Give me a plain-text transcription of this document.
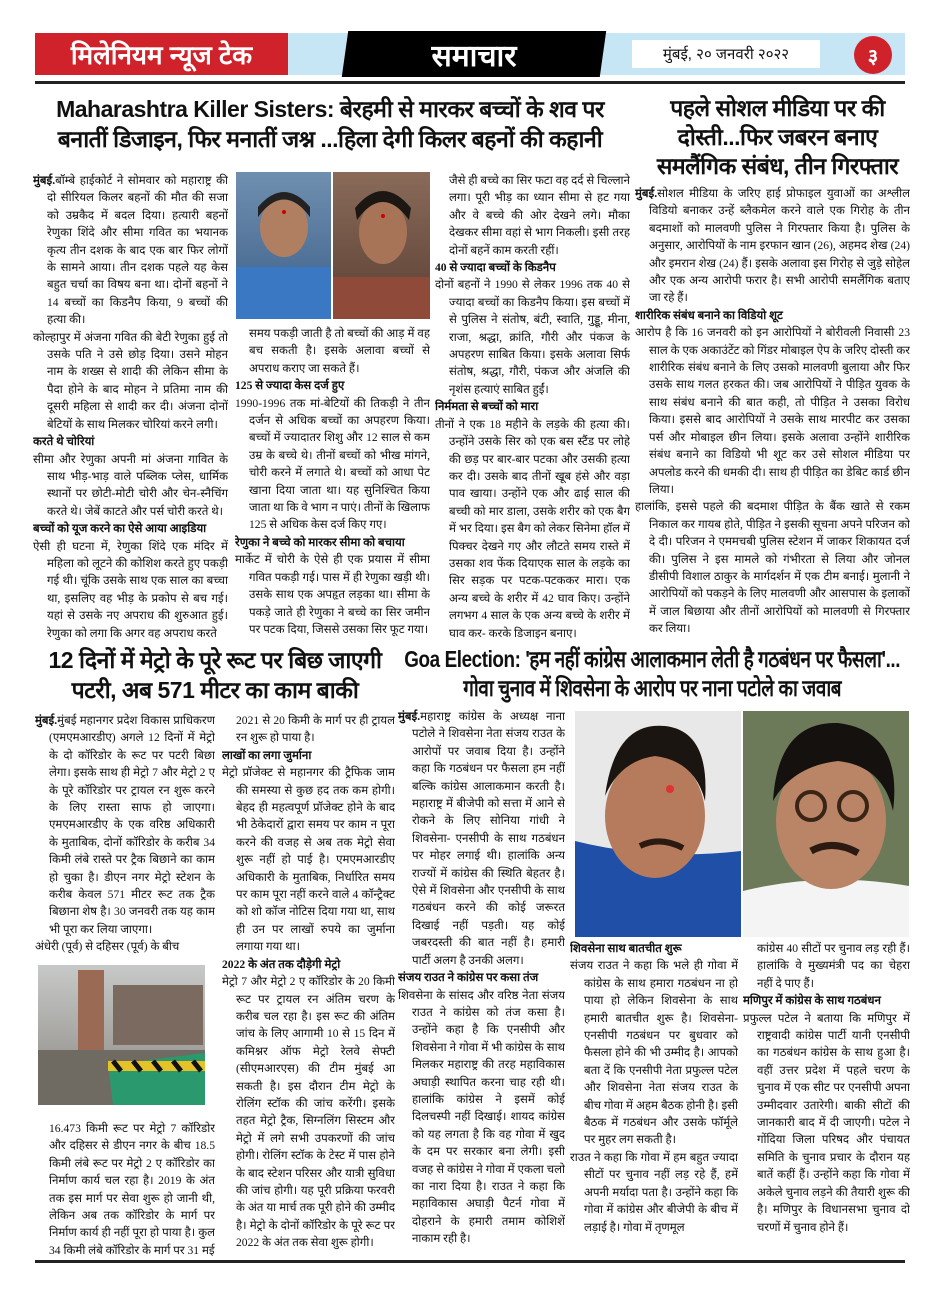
मिलेनियम न्यूज टेक	समाचार	मुंबई, २० जनवरी २०२२	३
Maharashtra Killer Sisters: बेरहमी से मारकर बच्चों के शव पर बनातीं डिजाइन, फिर मनातीं जश्न ...हिला देगी किलर बहनों की कहानी

मुंबई.बॉम्बे हाईकोर्ट ने सोमवार को महाराष्ट्र की दो सीरियल किलर बहनों की मौत की सजा को उम्रकैद में बदल दिया। हत्यारी बहनों रेणुका शिंदे और सीमा गवित का भयानक कृत्य तीन दशक के बाद एक बार फिर लोगों के सामने आया। तीन दशक पहले यह केस बहुत चर्चा का विषय बना था। दोनों बहनों ने 14 बच्चों का किडनैप किया, 9 बच्चों की हत्या की।

कोल्हापुर में अंजना गवित की बेटी रेणुका हुई तो उसके पति ने उसे छोड़ दिया। उसने मोहन नाम के शख्स से शादी की लेकिन सीमा के पैदा होने के बाद मोहन ने प्रतिमा नाम की दूसरी महिला से शादी कर दी। अंजना दोनों बेटियों के साथ मिलकर चोरियां करने लगी।

करते थे चोरियां

सीमा और रेणुका अपनी मां अंजना गावित के साथ भीड़-भाड़ वाले पब्लिक प्लेस, धार्मिक स्थानों पर छोटी-मोटी चोरी और चेन-स्नैचिंग करते थे। जेबें काटते और पर्स चोरी करते थे।

बच्चों को यूज करने का ऐसे आया आइडिया

ऐसी ही घटना में, रेणुका शिंदे एक मंदिर में महिला को लूटने की कोशिश करते हुए पकड़ी गई थी। चूंकि उसके साथ एक साल का बच्चा था, इसलिए वह भीड़ के प्रकोप से बच गई। यहां से उसके नए अपराध की शुरुआत हुई। रेणुका को लगा कि अगर वह अपराध करते

समय पकड़ी जाती है तो बच्चों की आड़ में वह बच सकती है। इसके अलावा बच्चों से अपराध कराए जा सकते हैं।

125 से ज्यादा केस दर्ज हुए

1990-1996 तक मां-बेटियों की तिकड़ी ने तीन दर्जन से अधिक बच्चों का अपहरण किया। बच्चों में ज्यादातर शिशु और 12 साल से कम उम्र के बच्चे थे। तीनों बच्चों को भीख मांगने, चोरी करने में लगाते थे। बच्चों को आधा पेट खाना दिया जाता था। यह सुनिश्चित किया जाता था कि वे भाग न पाएं। तीनों के खिलाफ 125 से अधिक केस दर्ज किए गए।

रेणुका ने बच्चे को मारकर सीमा को बचाया

मार्केट में चोरी के ऐसे ही एक प्रयास में सीमा गवित पकड़ी गई। पास में ही रेणुका खड़ी थी। उसके साथ एक अपहृत लड़का था। सीमा के पकड़े जाते ही रेणुका ने बच्चे का सिर जमीन पर पटक दिया, जिससे उसका सिर फूट गया।

जैसे ही बच्चे का सिर फटा वह दर्द से चिल्लाने लगा। पूरी भीड़ का ध्यान सीमा से हट गया और वे बच्चे की ओर देखने लगे। मौका देखकर सीमा वहां से भाग निकली। इसी तरह दोनों बहनें काम करती रहीं।

40 से ज्यादा बच्चों के किडनैप

दोनों बहनों ने 1990 से लेकर 1996 तक 40 से ज्यादा बच्चों का किडनैप किया। इस बच्चों में से पुलिस ने संतोष, बंटी, स्वाति, गुड्डू, मीना, राजा, श्रद्धा, क्रांति, गौरी और पंकज के अपहरण साबित किया। इसके अलावा सिर्फ संतोष, श्रद्धा, गौरी, पंकज और अंजलि की नृशंस हत्याएं साबित हुईं।

निर्ममता से बच्चों को मारा

तीनों ने एक 18 महीने के लड़के की हत्या की। उन्होंने उसके सिर को एक बस स्टैंड पर लोहे की छड़ पर बार-बार पटका और उसकी हत्या कर दी। उसके बाद तीनों खूब हंसे और वड़ा पाव खाया। उन्होंने एक और ढाई साल की बच्ची को मार डाला, उसके शरीर को एक बैग में भर दिया। इस बैग को लेकर सिनेमा हॉल में पिक्चर देखने गए और लौटते समय रास्ते में उसका शव फेंक दियाएक साल के लड़के का सिर सड़क पर पटक-पटककर मारा। एक अन्य बच्चे के शरीर में 42 घाव किए। उन्होंने लगभग 4 साल के एक अन्य बच्चे के शरीर में घाव कर- करके डिजाइन बनाए।

पहले सोशल मीडिया पर की दोस्ती...फिर जबरन बनाए समलैंगिक संबंध, तीन गिरफ्तार

मुंबई.सोशल मीडिया के जरिए हाई प्रोफाइल युवाओं का अश्लील विडियो बनाकर उन्हें ब्लैकमेल करने वाले एक गिरोह के तीन बदमाशों को मालवणी पुलिस ने गिरफ्तार किया है। पुलिस के अनुसार, आरोपियों के नाम इरफान खान (26), अहमद शेख (24) और इमरान शेख (24) हैं। इसके अलावा इस गिरोह से जुड़े सोहेल और एक अन्य आरोपी फरार है। सभी आरोपी समलैंगिक बताए जा रहे हैं।

शारीरिक संबंध बनाने का विडियो शूट

आरोप है कि 16 जनवरी को इन आरोपियों ने बोरीवली निवासी 23 साल के एक अकाउंटेंट को गिंडर मोबाइल ऐप के जरिए दोस्ती कर शारीरिक संबंध बनाने के लिए उसको मालवणी बुलाया और फिर उसके साथ गलत हरकत की। जब आरोपियों ने पीड़ित युवक के साथ संबंध बनाने की बात कही, तो पीड़ित ने उसका विरोध किया। इससे बाद आरोपियों ने उसके साथ मारपीट कर उसका पर्स और मोबाइल छीन लिया। इसके अलावा उन्होंने शारीरिक संबंध बनाने का विडियो भी शूट कर उसे सोशल मीडिया पर अपलोड करने की धमकी दी। साथ ही पीड़ित का डेबिट कार्ड छीन लिया।

हालांकि, इससे पहले की बदमाश पीड़ित के बैंक खाते से रकम निकाल कर गायब होते, पीड़ित ने इसकी सूचना अपने परिजन को दे दी। परिजन ने एममचबी पुलिस स्टेशन में जाकर शिकायत दर्ज की। पुलिस ने इस मामले को गंभीरता से लिया और जोनल डीसीपी विशाल ठाकुर के मार्गदर्शन में एक टीम बनाई। मुलानी ने आरोपियों को पकड़ने के लिए मालवणी और आसपास के इलाकों में जाल बिछाया और तीनों आरोपियों को मालवणी से गिरफ्तार कर लिया।

12 दिनों में मेट्रो के पूरे रूट पर बिछ जाएगी पटरी, अब 571 मीटर का काम बाकी

मुंबई.मुंबई महानगर प्रदेश विकास प्राधिकरण (एमएमआरडीए) अगले 12 दिनों में मेट्रो के दो कॉरिडोर के रूट पर पटरी बिछा लेगा। इसके साथ ही मेट्रो 7 और मेट्रो 2 ए के पूरे कॉरिडोर पर ट्रायल रन शुरू करने के लिए रास्ता साफ हो जाएगा। एमएमआरडीए के एक वरिष्ठ अधिकारी के मुताबिक, दोनों कॉरिडोर के करीब 34 किमी लंबे रास्ते पर ट्रैक बिछाने का काम हो चुका है। डीएन नगर मेट्रो स्टेशन के करीब केवल 571 मीटर रूट तक ट्रैक बिछाना शेष है। 30 जनवरी तक यह काम भी पूरा कर लिया जाएगा।

अंधेरी (पूर्व) से दहिसर (पूर्व) के बीच

16.473 किमी रूट पर मेट्रो 7 कॉरिडोर और दहिसर से डीएन नगर के बीच 18.5 किमी लंबे रूट पर मेट्रो 2 ए कॉरिडोर का निर्माण कार्य चल रहा है। 2019 के अंत तक इस मार्ग पर सेवा शुरू हो जानी थी, लेकिन अब तक कॉरिडोर के मार्ग पर निर्माण कार्य ही नहीं पूरा हो पाया है। कुल 34 किमी लंबे कॉरिडोर के मार्ग पर 31 मई

2021 से 20 किमी के मार्ग पर ही ट्रायल रन शुरू हो पाया है।

लाखों का लगा जुर्माना

मेट्रो प्रॉजेक्ट से महानगर की ट्रैफिक जाम की समस्या से कुछ हद तक कम होगी। बेहद ही महत्वपूर्ण प्रॉजेक्ट होने के बाद भी ठेकेदारों द्वारा समय पर काम न पूरा करने की वजह से अब तक मेट्रो सेवा शुरू नहीं हो पाई है। एमएमआरडीए अधिकारी के मुताबिक, निर्धारित समय पर काम पूरा नहीं करने वाले 4 कॉन्ट्रैक्ट को शो कॉज नोटिस दिया गया था, साथ ही उन पर लाखों रुपये का जुर्माना लगाया गया था।

2022 के अंत तक दौड़ेगी मेट्रो

मेट्रो 7 और मेट्रो 2 ए कॉरिडोर के 20 किमी रूट पर ट्रायल रन अंतिम चरण के करीब चल रहा है। इस रूट की अंतिम जांच के लिए आगामी 10 से 15 दिन में कमिश्नर ऑफ मेट्रो रेलवे सेफ्टी (सीएमआरएस) की टीम मुंबई आ सकती है। इस दौरान टीम मेट्रो के रोलिंग स्टॉक की जांच करेंगी। इसके तहत मेट्रो ट्रैक, सिग्नलिंग सिस्टम और मेट्रो में लगे सभी उपकरणों की जांच होगी। रोलिंग स्टॉक के टेस्ट में पास होने के बाद स्टेशन परिसर और यात्री सुविधा की जांच होगी। यह पूरी प्रक्रिया फरवरी के अंत या मार्च तक पूरी होने की उम्मीद है। मेट्रो के दोनों कॉरिडोर के पूरे रूट पर 2022 के अंत तक सेवा शुरू होगी।

Goa Election: 'हम नहीं कांग्रेस आलाकमान लेती है गठबंधन पर फैसला'... गोवा चुनाव में शिवसेना के आरोप पर नाना पटोले का जवाब

मुंबई.महाराष्ट्र कांग्रेस के अध्यक्ष नाना पटोले ने शिवसेना नेता संजय राउत के आरोपों पर जवाब दिया है। उन्होंने कहा कि गठबंधन पर फैसला हम नहीं बल्कि कांग्रेस आलाकमान करती है। महाराष्ट्र में बीजेपी को सत्ता में आने से रोकने के लिए सोनिया गांधी ने शिवसेना- एनसीपी के साथ गठबंधन पर मोहर लगाई थी। हालांकि अन्य राज्यों में कांग्रेस की स्थिति बेहतर है। ऐसे में शिवसेना और एनसीपी के साथ गठबंधन करने की कोई जरूरत दिखाई नहीं पड़ती। यह कोई जबरदस्ती की बात नहीं है। हमारी पार्टी अलग है उनकी अलग।

संजय राउत ने कांग्रेस पर कसा तंज

शिवसेना के सांसद और वरिष्ठ नेता संजय राउत ने कांग्रेस को तंज कसा है। उन्होंने कहा है कि एनसीपी और शिवसेना ने गोवा में भी कांग्रेस के साथ मिलकर महाराष्ट्र की तरह महाविकास अघाड़ी स्थापित करना चाह रही थी। हालांकि कांग्रेस ने इसमें कोई दिलचस्पी नहीं दिखाई। शायद कांग्रेस को यह लगता है कि वह गोवा में खुद के दम पर सरकार बना लेगी। इसी वजह से कांग्रेस ने गोवा में एकला चलो का नारा दिया है। राउत ने कहा कि महाविकास अघाड़ी पैटर्न गोवा में दोहराने के हमारी तमाम कोशिशें नाकाम रही है।

शिवसेना साथ बातचीत शुरू

संजय राउत ने कहा कि भले ही गोवा में कांग्रेस के साथ हमारा गठबंधन ना हो पाया हो लेकिन शिवसेना के साथ हमारी बातचीत शुरू है। शिवसेना- एनसीपी गठबंधन पर बुधवार को फैसला होने की भी उम्मीद है। आपको बता दें कि एनसीपी नेता प्रफुल्ल पटेल और शिवसेना नेता संजय राउत के बीच गोवा में अहम बैठक होनी है। इसी बैठक में गठबंधन और उसके फॉर्मूले पर मुहर लग सकती है।

राउत ने कहा कि गोवा में हम बहुत ज्यादा सीटों पर चुनाव नहीं लड़ रहे हैं, हमें अपनी मर्यादा पता है। उन्होंने कहा कि गोवा में कांग्रेस और बीजेपी के बीच में लड़ाई है। गोवा में तृणमूल

कांग्रेस 40 सीटों पर चुनाव लड़ रही हैं। हालांकि वे मुख्यमंत्री पद का चेहरा नहीं दे पाए हैं।

मणिपुर में कांग्रेस के साथ गठबंधन

प्रफुल्ल पटेल ने बताया कि मणिपुर में राष्ट्रवादी कांग्रेस पार्टी यानी एनसीपी का गठबंधन कांग्रेस के साथ हुआ है। वहीं उत्तर प्रदेश में पहले चरण के चुनाव में एक सीट पर एनसीपी अपना उम्मीदवार उतारेगी। बाकी सीटों की जानकारी बाद में दी जाएगी। पटेल ने गोंदिया जिला परिषद और पंचायत समिति के चुनाव प्रचार के दौरान यह बातें कहीं हैं। उन्होंने कहा कि गोवा में अकेले चुनाव लड़ने की तैयारी शुरू की है। मणिपुर के विधानसभा चुनाव दो चरणों में चुनाव होने हैं।
